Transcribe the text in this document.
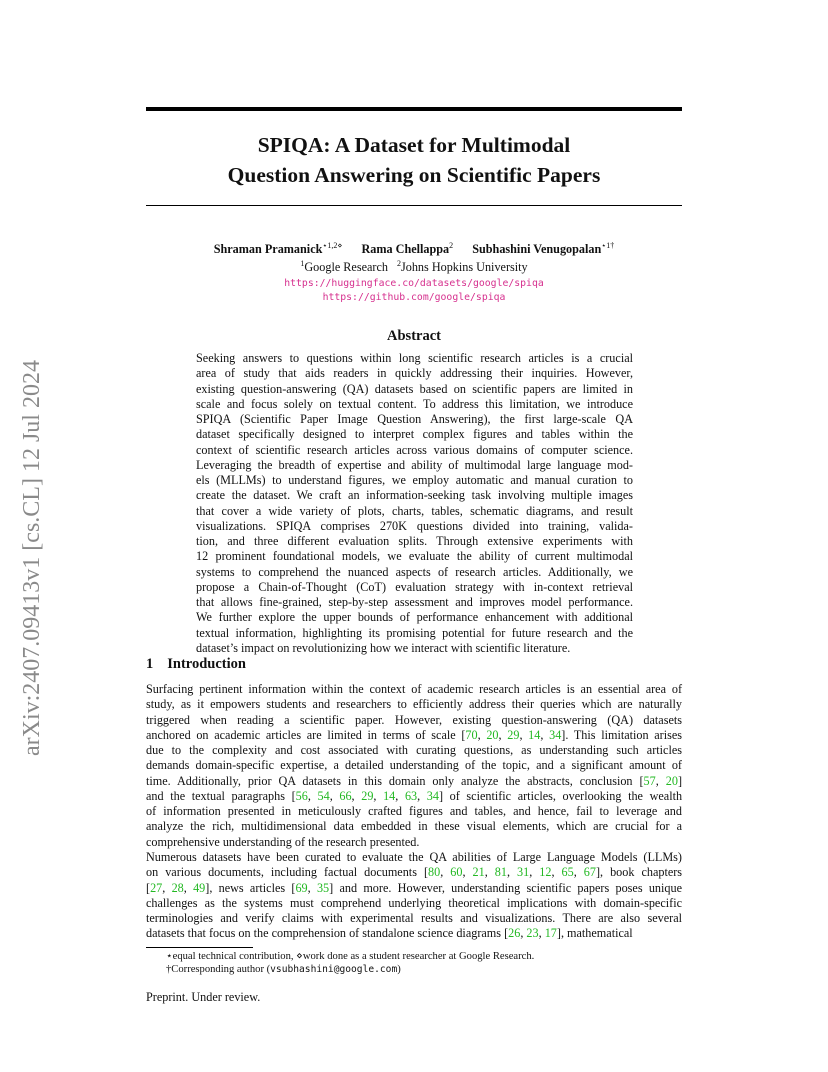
arXiv:2407.09413v1 [cs.CL] 12 Jul 2024
SPIQA: A Dataset for Multimodal
Question Answering on Scientific Papers
Shraman Pramanick$^{⋆1,2⋄}$ Rama Chellappa$^2$ Subhashini Venugopalan$^{⋆1\dagger}$
$^1$Google Research $^2$Johns Hopkins University
https://huggingface.co/datasets/google/spiqa
https://github.com/google/spiqa
Abstract
Seeking answers to questions within long scientific research articles is a crucial
area of study that aids readers in quickly addressing their inquiries. However,
existing question-answering (QA) datasets based on scientific papers are limited in
scale and focus solely on textual content. To address this limitation, we introduce
SPIQA (Scientific Paper Image Question Answering), the first large-scale QA
dataset specifically designed to interpret complex figures and tables within the
context of scientific research articles across various domains of computer science.
Leveraging the breadth of expertise and ability of multimodal large language mod-
els (MLLMs) to understand figures, we employ automatic and manual curation to
create the dataset. We craft an information-seeking task involving multiple images
that cover a wide variety of plots, charts, tables, schematic diagrams, and result
visualizations. SPIQA comprises 270K questions divided into training, valida-
tion, and three different evaluation splits. Through extensive experiments with
12 prominent foundational models, we evaluate the ability of current multimodal
systems to comprehend the nuanced aspects of research articles. Additionally, we
propose a Chain-of-Thought (CoT) evaluation strategy with in-context retrieval
that allows fine-grained, step-by-step assessment and improves model performance.
We further explore the upper bounds of performance enhancement with additional
textual information, highlighting its promising potential for future research and the
dataset’s impact on revolutionizing how we interact with scientific literature.
1 Introduction
Surfacing pertinent information within the context of academic research articles is an essential area of
study, as it empowers students and researchers to efficiently address their queries which are naturally
triggered when reading a scientific paper. However, existing question-answering (QA) datasets
anchored on academic articles are limited in terms of scale [70, 20, 29, 14, 34]. This limitation arises
due to the complexity and cost associated with curating questions, as understanding such articles
demands domain-specific expertise, a detailed understanding of the topic, and a significant amount of
time. Additionally, prior QA datasets in this domain only analyze the abstracts, conclusion [57, 20]
and the textual paragraphs [56, 54, 66, 29, 14, 63, 34] of scientific articles, overlooking the wealth
of information presented in meticulously crafted figures and tables, and hence, fail to leverage and
analyze the rich, multidimensional data embedded in these visual elements, which are crucial for a
comprehensive understanding of the research presented.
Numerous datasets have been curated to evaluate the QA abilities of Large Language Models (LLMs)
on various documents, including factual documents [80, 60, 21, 81, 31, 12, 65, 67], book chapters
[27, 28, 49], news articles [69, 35] and more. However, understanding scientific papers poses unique
challenges as the systems must comprehend underlying theoretical implications with domain-specific
terminologies and verify claims with experimental results and visualizations. There are also several
datasets that focus on the comprehension of standalone science diagrams [26, 23, 17], mathematical
⋆equal technical contribution, ⋄work done as a student researcher at Google Research.
†Corresponding author (vsubhashini@google.com)
Preprint. Under review.
